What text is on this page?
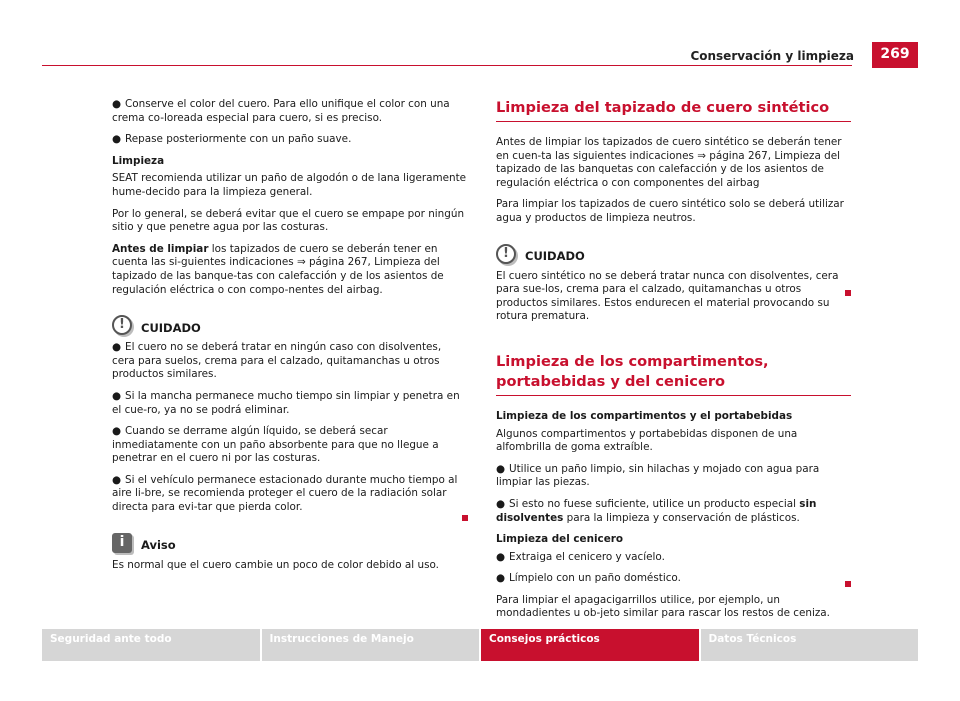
Conservación y limpieza	269

● Conserve el color del cuero. Para ello unifique el color con una crema co-loreada especial para cuero, si es preciso.

● Repase posteriormente con un paño suave.

Limpieza

SEAT recomienda utilizar un paño de algodón o de lana ligeramente hume-decido para la limpieza general.

Por lo general, se deberá evitar que el cuero se empape por ningún sitio y que penetre agua por las costuras.

Antes de limpiar los tapizados de cuero se deberán tener en cuenta las si-guientes indicaciones ⇒ página 267, Limpieza del tapizado de las banque-tas con calefacción y de los asientos de regulación eléctrica o con compo-nentes del airbag.

!	CUIDADO

● El cuero no se deberá tratar en ningún caso con disolventes, cera para suelos, crema para el calzado, quitamanchas u otros productos similares.

● Si la mancha permanece mucho tiempo sin limpiar y penetra en el cue-ro, ya no se podrá eliminar.

● Cuando se derrame algún líquido, se deberá secar inmediatamente con un paño absorbente para que no llegue a penetrar en el cuero ni por las costuras.

● Si el vehículo permanece estacionado durante mucho tiempo al aire li-bre, se recomienda proteger el cuero de la radiación solar directa para evi-tar que pierda color.

i	Aviso

Es normal que el cuero cambie un poco de color debido al uso.

Limpieza del tapizado de cuero sintético

Antes de limpiar los tapizados de cuero sintético se deberán tener en cuen-ta las siguientes indicaciones ⇒ página 267, Limpieza del tapizado de las banquetas con calefacción y de los asientos de regulación eléctrica o con componentes del airbag

Para limpiar los tapizados de cuero sintético solo se deberá utilizar agua y productos de limpieza neutros.

!	CUIDADO

El cuero sintético no se deberá tratar nunca con disolventes, cera para sue-los, crema para el calzado, quitamanchas u otros productos similares. Estos endurecen el material provocando su rotura prematura.

Limpieza de los compartimentos, portabebidas y del cenicero
Limpieza de los compartimentos y el portabebidas

Algunos compartimentos y portabebidas disponen de una alfombrilla de goma extraíble.

● Utilice un paño limpio, sin hilachas y mojado con agua para limpiar las piezas.

● Si esto no fuese suficiente, utilice un producto especial sin disolventes para la limpieza y conservación de plásticos.

Limpieza del cenicero

● Extraiga el cenicero y vacíelo.

● Límpielo con un paño doméstico.

Para limpiar el apagacigarrillos utilice, por ejemplo, un mondadientes u ob-jeto similar para rascar los restos de ceniza.

Seguridad ante todo	Instrucciones de Manejo	Consejos prácticos	Datos Técnicos
